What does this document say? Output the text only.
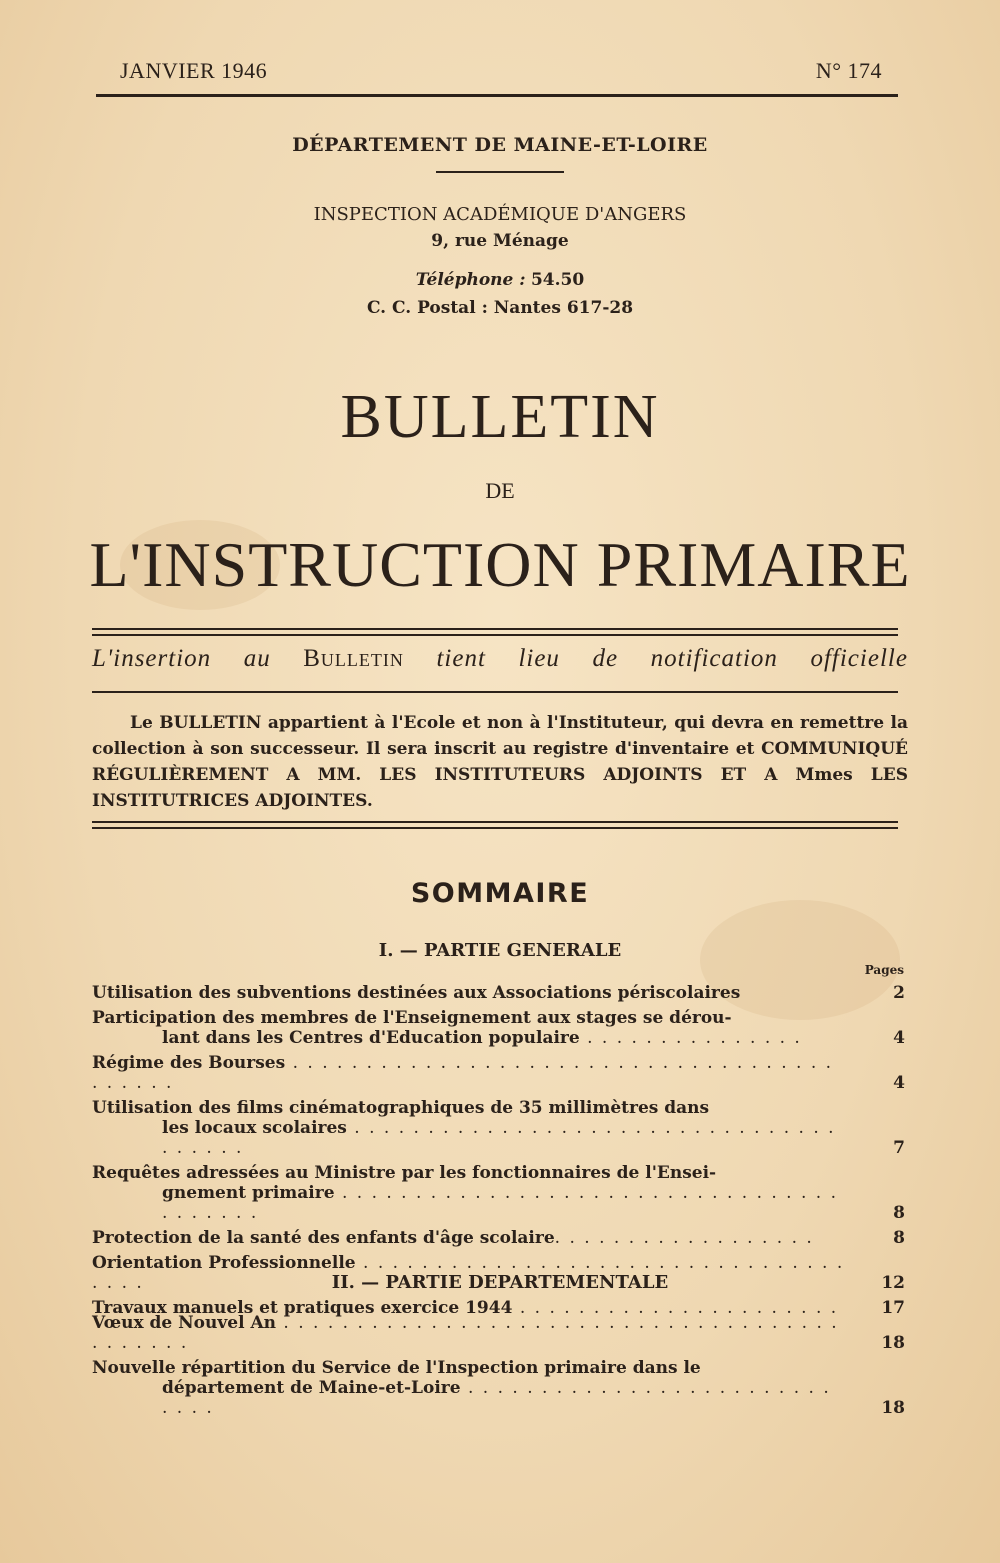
JANVIER 1946	N° 174
DÉPARTEMENT DE MAINE-ET-LOIRE
INSPECTION ACADÉMIQUE D'ANGERS
9, rue Ménage
Téléphone : 54.50
C. C. Postal : Nantes 617-28
BULLETIN
DE
L'INSTRUCTION PRIMAIRE
L'insertion au Bulletin tient lieu de notification officielle
Le BULLETIN appartient à l'Ecole et non à l'Instituteur, qui devra en remettre la collection à son successeur. Il sera inscrit au registre d'inventaire et COMMUNIQUÉ RÉGULIÈREMENT A MM. LES INSTITUTEURS ADJOINTS ET A Mmes LES INSTITUTRICES ADJOINTES.
SOMMAIRE
I. — PARTIE GENERALE
Pages
Utilisation des subventions destinées aux Associations périscolaires	2
Participation des membres de l'Enseignement aux stages se dérou-
lant dans les Centres d'Education populaire . . . . . . . . . . . . . . .	4
Régime des Bourses . . . . . . . . . . . . . . . . . . . . . . . . . . . . . . . . . . . . . . . . . . .	4
Utilisation des films cinématographiques de 35 millimètres dans
les locaux scolaires . . . . . . . . . . . . . . . . . . . . . . . . . . . . . . . . . . . . . . .	7
Requêtes adressées au Ministre par les fonctionnaires de l'Ensei-
gnement primaire . . . . . . . . . . . . . . . . . . . . . . . . . . . . . . . . . . . . . . . . .	8
Protection de la santé des enfants d'âge scolaire. . . . . . . . . . . . . . . . . .	8
Orientation Professionnelle . . . . . . . . . . . . . . . . . . . . . . . . . . . . . . . . . . . . .	12
Travaux manuels et pratiques exercice 1944 . . . . . . . . . . . . . . . . . . . . . .	17
II. — PARTIE DEPARTEMENTALE
Vœux de Nouvel An . . . . . . . . . . . . . . . . . . . . . . . . . . . . . . . . . . . . . . . . . . . . .	18
Nouvelle répartition du Service de l'Inspection primaire dans le
département de Maine-et-Loire . . . . . . . . . . . . . . . . . . . . . . . . . . . . .	18
